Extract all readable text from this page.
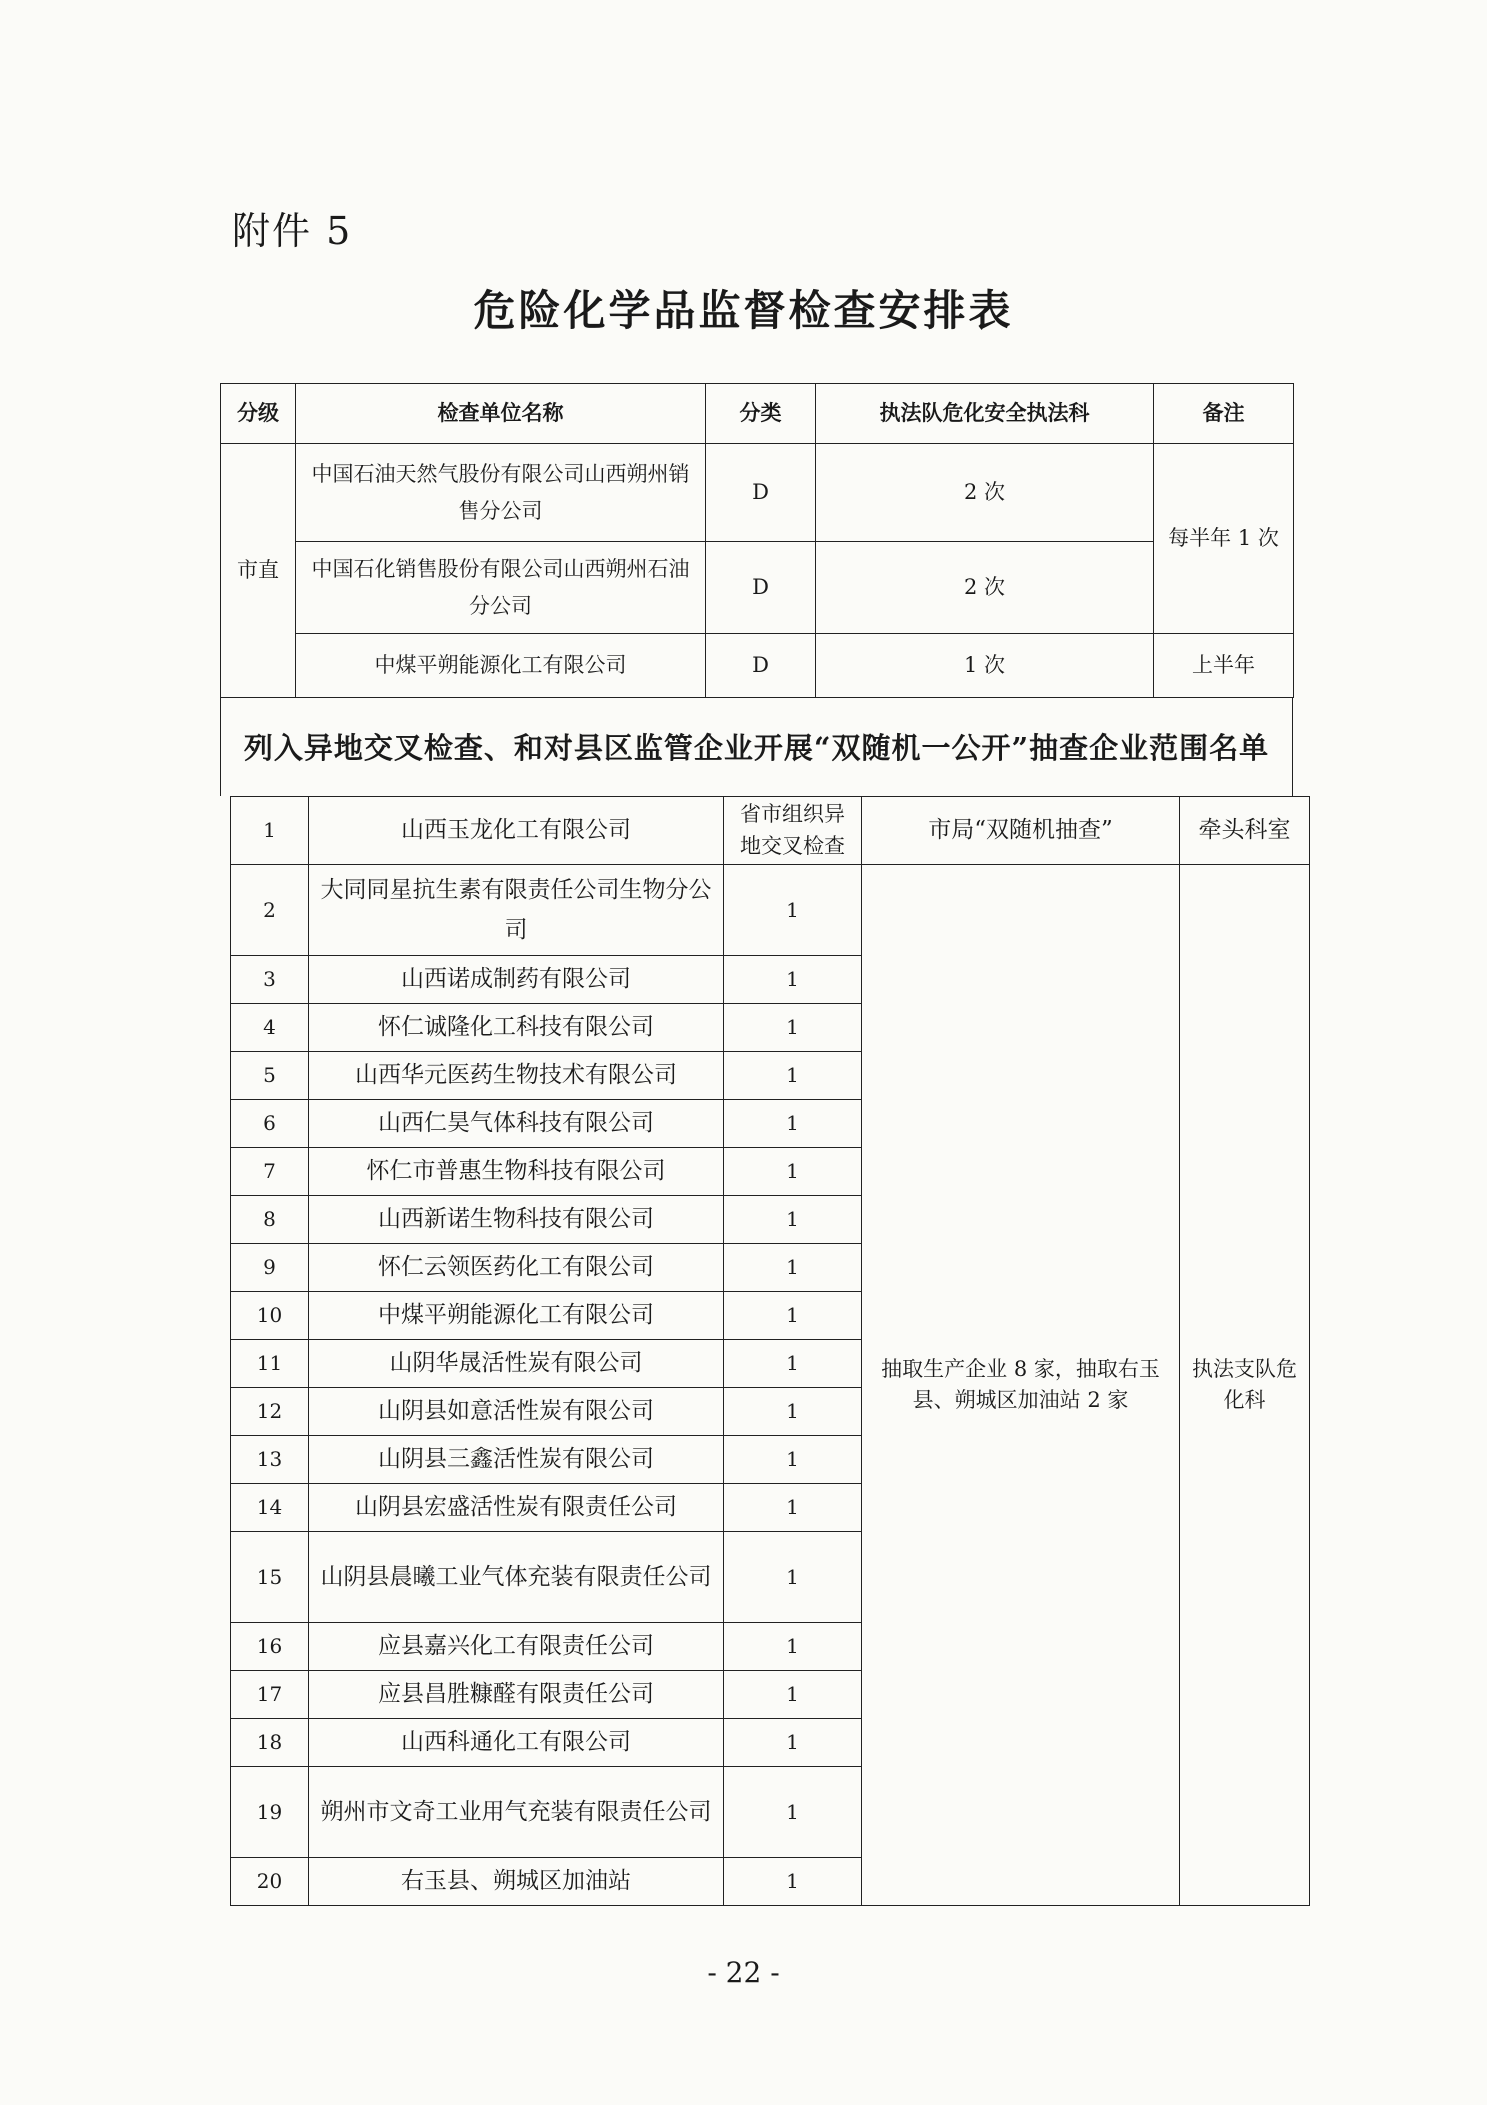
附件 5
危险化学品监督检查安排表
分级	检查单位名称	分类	执法队危化安全执法科	备注
市直	中国石油天然气股份有限公司山西朔州销售分公司	D	2 次	每半年 1 次
	中国石化销售股份有限公司山西朔州石油分公司	D	2 次	
	中煤平朔能源化工有限公司	D	1 次	上半年
列入异地交叉检查、和对县区监管企业开展“双随机一公开”抽查企业范围名单
1	山西玉龙化工有限公司	省市组织异地交叉检查	市局“双随机抽查”	牵头科室
2	大同同星抗生素有限责任公司生物分公司	1	抽取生产企业 8 家，抽取右玉县、朔城区加油站 2 家	执法支队危化科
3	山西诺成制药有限公司	1		
4	怀仁诚隆化工科技有限公司	1		
5	山西华元医药生物技术有限公司	1		
6	山西仁昊气体科技有限公司	1		
7	怀仁市普惠生物科技有限公司	1		
8	山西新诺生物科技有限公司	1		
9	怀仁云领医药化工有限公司	1		
10	中煤平朔能源化工有限公司	1		
11	山阴华晟活性炭有限公司	1		
12	山阴县如意活性炭有限公司	1		
13	山阴县三鑫活性炭有限公司	1		
14	山阴县宏盛活性炭有限责任公司	1		
15	山阴县晨曦工业气体充装有限责任公司	1		
16	应县嘉兴化工有限责任公司	1		
17	应县昌胜糠醛有限责任公司	1		
18	山西科通化工有限公司	1		
19	朔州市文奇工业用气充装有限责任公司	1		
20	右玉县、朔城区加油站	1		
- 22 -
